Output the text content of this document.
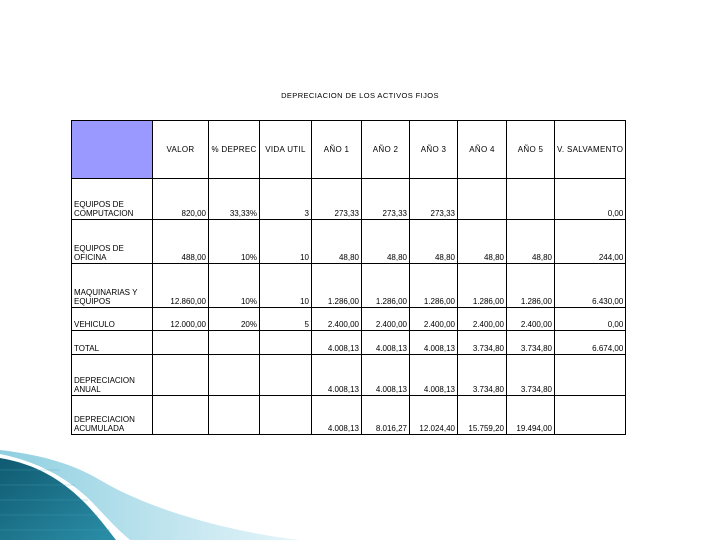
DEPRECIACION DE LOS ACTIVOS FIJOS
	VALOR	% DEPREC	VIDA UTIL	AÑO 1	AÑO 2	AÑO 3	AÑO 4	AÑO 5	V. SALVAMENTO
EQUIPOS DE COMPUTACION	820,00	33,33%	3	273,33	273,33	273,33			0,00
EQUIPOS DE OFICINA	488,00	10%	10	48,80	48,80	48,80	48,80	48,80	244,00
MAQUINARIAS Y EQUIPOS	12.860,00	10%	10	1.286,00	1.286,00	1.286,00	1.286,00	1.286,00	6.430,00
VEHICULO	12.000,00	20%	5	2.400,00	2.400,00	2.400,00	2.400,00	2.400,00	0,00
TOTAL				4.008,13	4.008,13	4.008,13	3.734,80	3.734,80	6.674,00
DEPRECIACION ANUAL				4.008,13	4.008,13	4.008,13	3.734,80	3.734,80	
DEPRECIACION ACUMULADA				4.008,13	8.016,27	12.024,40	15.759,20	19.494,00	
